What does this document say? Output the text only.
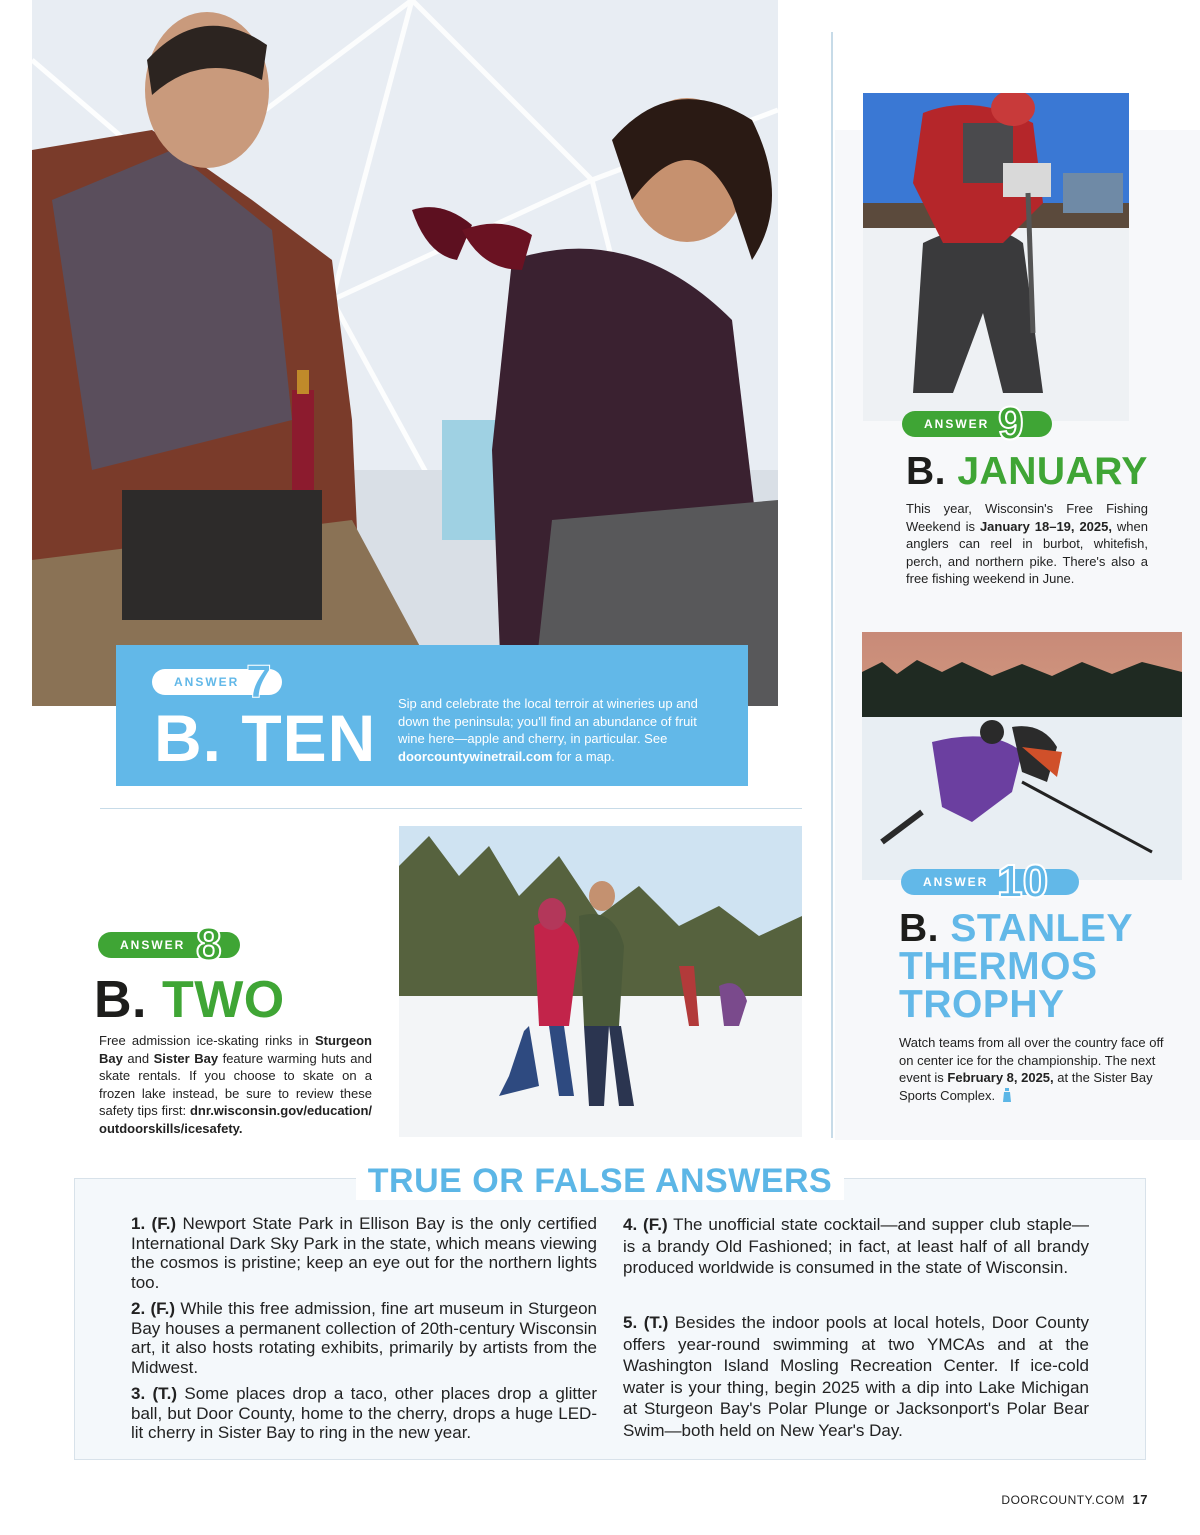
ANSWER 7
B. TEN Sip and celebrate the local terroir at wineries up and down the peninsula; you'll find an abundance of fruit wine here—apple and cherry, in particular. See doorcountywinetrail.com for a map.
ANSWER 9
B. JANUARY
This year, Wisconsin's Free Fishing Weekend is January 18–19, 2025, when anglers can reel in burbot, whitefish, perch, and northern pike. There's also a free fishing weekend in June.
ANSWER 10
B. STANLEY
THERMOS
TROPHY
Watch teams from all over the country face off on center ice for the championship. The next event is February 8, 2025, at the Sister Bay Sports Complex.
ANSWER 8
B. TWO
Free admission ice-skating rinks in Sturgeon Bay and Sister Bay feature warming huts and skate rentals. If you choose to skate on a frozen lake instead, be sure to review these safety tips first: dnr.wisconsin.gov/education/outdoorskills/icesafety.
TRUE OR FALSE ANSWERS
1. (F.) Newport State Park in Ellison Bay is the only certified International Dark Sky Park in the state, which means viewing the cosmos is pristine; keep an eye out for the northern lights too.
2. (F.) While this free admission, fine art museum in Sturgeon Bay houses a permanent collection of 20th-century Wisconsin art, it also hosts rotating exhibits, primarily by artists from the Midwest.
3. (T.) Some places drop a taco, other places drop a glitter ball, but Door County, home to the cherry, drops a huge LED-lit cherry in Sister Bay to ring in the new year.
4. (F.) The unofficial state cocktail—and supper club staple—is a brandy Old Fashioned; in fact, at least half of all brandy produced worldwide is consumed in the state of Wisconsin.
5. (T.) Besides the indoor pools at local hotels, Door County offers year-round swimming at two YMCAs and at the Washington Island Mosling Recreation Center. If ice-cold water is your thing, begin 2025 with a dip into Lake Michigan at Sturgeon Bay's Polar Plunge or Jacksonport's Polar Bear Swim—both held on New Year's Day.
DOORCOUNTY.COM 17
